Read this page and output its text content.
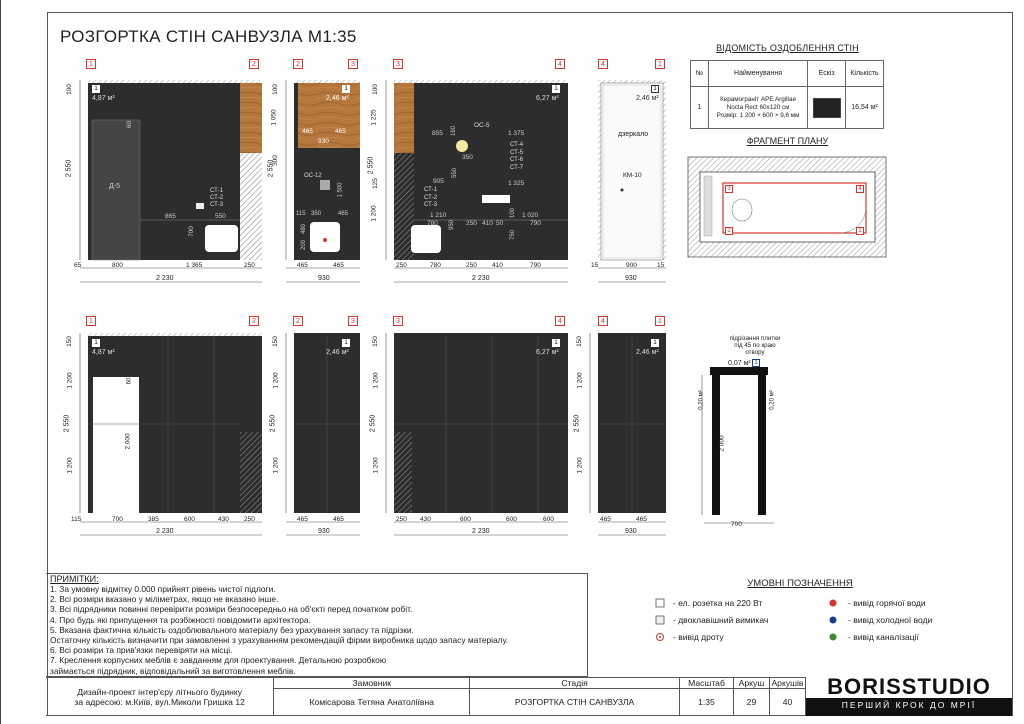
РОЗГОРТКА СТІН САНВУЗЛА М1:35
ВІДОМІСТЬ ОЗДОБЛЕННЯ СТІН
№	Найменування	Ескіз	Кількість
1	Керамограніт APE Argillae
Nocta Rect 60х120 см
Розмір: 1 200 × 600 × 9,6 мм		16,54 м²
ФРАГМЕНТ ПЛАНУ
1	2	2	3	3	4	4	1
1
4,87 м²
1
2,46 м²
1
6,27 м²
1
2,46 м²
Д-5
СТ-1
СТ-2
СТ-3
865	550
700
60
100
2 550
65	800	1 365	250
2 230
465	465
930
ОС-12
115 350	465
100
1 050
300
2 550
1 500
480
200
465	465
930
ОС-5
855 160	1 375
350
СТ-4
СТ-5
СТ-6
СТ-7
905
550
1 325
СТ-1
СТ-2
СТ-3
1 210
780	250 410 50
100 1 020
790
750
950
100
1 225
2 550
125
1 200
250	780	250 410	790
2 230
дзеркало
КМ-10
15	900	15
930
1	2	2	3	3	4	4	1
1
4,87 м²
1
2,46 м²
1
6,27 м²
1
2,46 м²
150
1 200
2 550
1 200
60
2 000
115	700	385	600	430 250
2 230
150
1 200
2 550
1 200
465	465
930
150
1 200
2 550
1 200
250 430	600	600	600
2 230
150
1 200
2 550
1 200
465	465
930
3	4
2	1
підрізання плитки
під 45 по краю
отвору
0,07 м² 1
0,20 м²	0,20 м²
2 000
700
ПРИМІТКИ:
1. За умовну відмітку 0.000 прийнят рівень чистої підлоги.
2. Всі розміри вказано у міліметрах, якщо не вказано інше.
3. Всі підрядники повинні перевірити розміри безпосередньо на об'єкті перед початком робіт.
4. Про будь які припущення та розбіжності повідомити архітектора.
5. Вказана фактична кількість оздоблювального матеріалу без урахування запасу та підрізки.
Остаточну кількість визначити при замовленні з урахуванням рекомендацій фірми виробника щодо запасу матеріалу.
6. Всі розміри та прив'язки перевіряти на місці.
7. Креслення корпусних меблів є завданням для проектування. Детальною розробкою
займається підрядник, відповідальний за виготовлення меблів.
УМОВНІ ПОЗНАЧЕННЯ
- ел. розетка на 220 Вт
- двоклавішний вимикач
- вивід дроту
- вивід горячої води
- вивід холодної води
- вивід каналізації
Дизайн-проект інтер'єру літнього будинку
за адресою: м.Київ, вул.Миколи Гришка 12	Замовник	Стадія	Масштаб	Аркуш	Аркушів
	Комісарова Тетяна Анатоліївна	РОЗГОРТКА СТІН САНВУЗЛА	1:35	29	40
BORISSTUDIO
ПЕРШИЙ КРОК ДО МРІЇ
